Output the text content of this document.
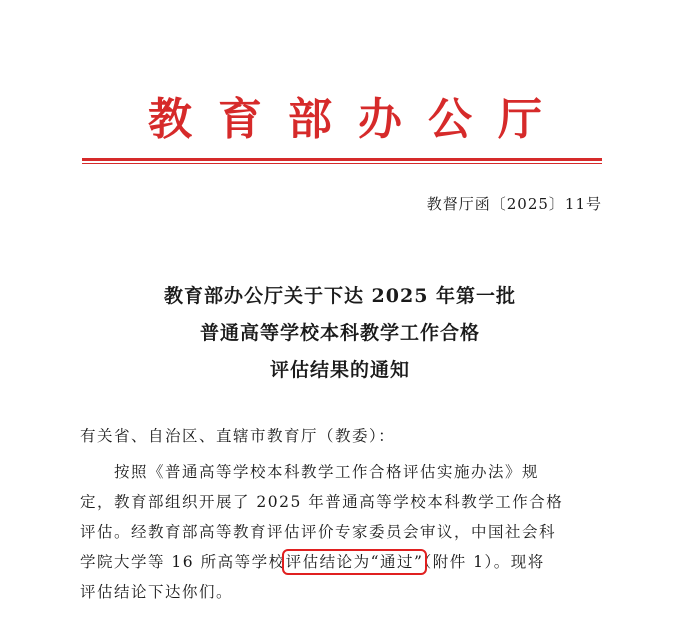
教育部办公厅
教督厅函〔2025〕11号
教育部办公厅关于下达 2025 年第一批
普通高等学校本科教学工作合格
评估结果的通知
有关省、自治区、直辖市教育厅（教委）：
按照《普通高等学校本科教学工作合格评估实施办法》规
定，教育部组织开展了 2025 年普通高等学校本科教学工作合格
评估。经教育部高等教育评估评价专家委员会审议，中国社会科
学院大学等 16 所高等学校评估结论为“通过”（附件 1）。现将
评估结论下达你们。
